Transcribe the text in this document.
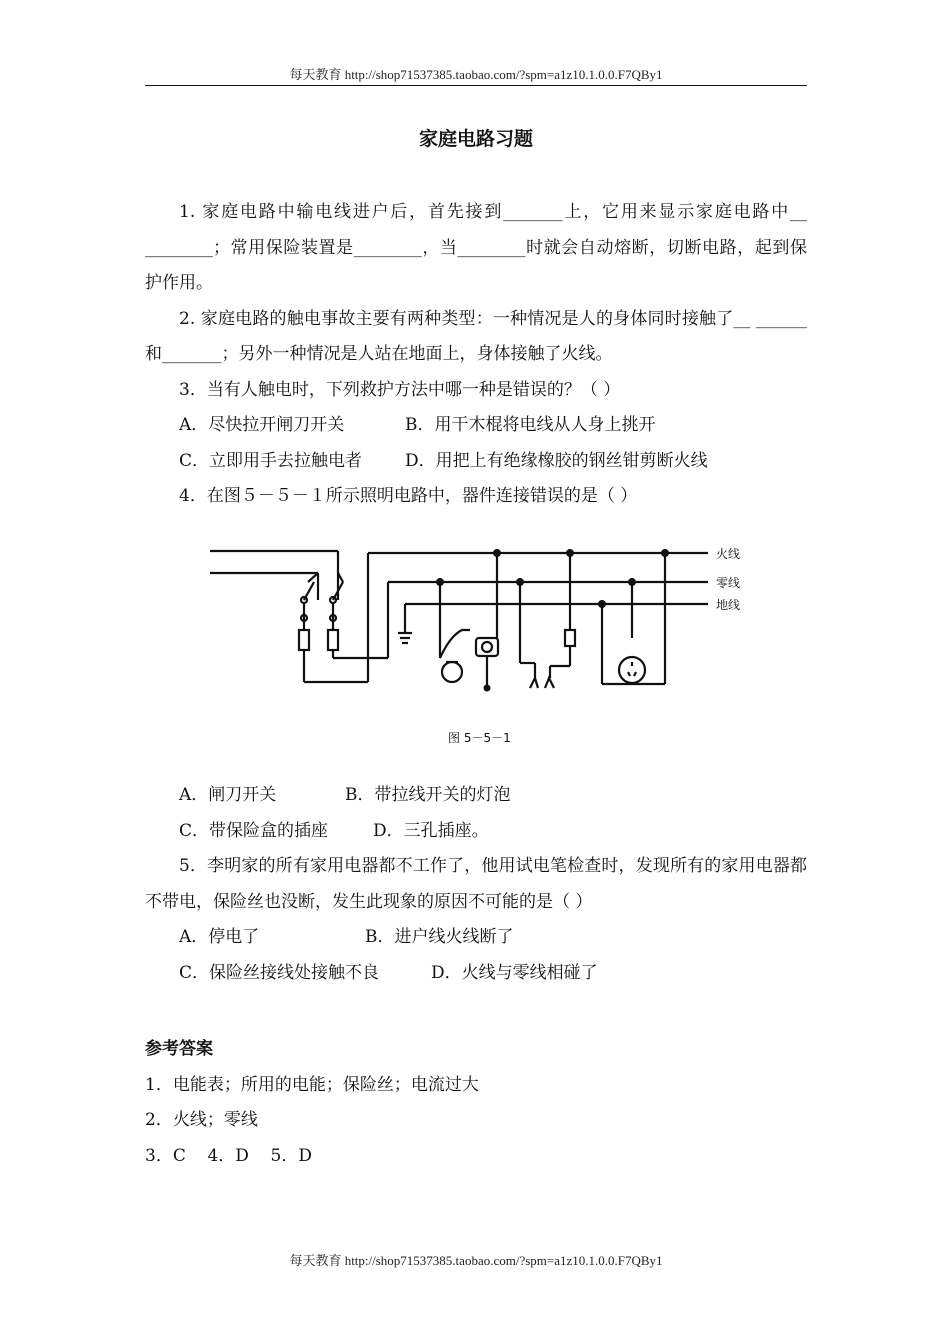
每天教育 http://shop71537385.taobao.com/?spm=a1z10.1.0.0.F7QBy1
家庭电路习题

1. 家庭电路中输电线进户后，首先接到_______上，它用来显示家庭电路中__ ________；常用保险装置是________，当________时就会自动熔断，切断电路，起到保护作用。

2. 家庭电路的触电事故主要有两种类型：一种情况是人的身体同时接触了__ ______和_______；另外一种情况是人站在地面上，身体接触了火线。

3．当有人触电时，下列救护方法中哪一种是错误的？（ ）

A．尽快拉开闸刀开关	B．用干木棍将电线从人身上挑开

C．立即用手去拉触电者	D．用把上有绝缘橡胶的钢丝钳剪断火线

4．在图５－５－１所示照明电路中，器件连接错误的是（ ）

火线
零线
地线
图 5－5－1

A．闸刀开关	B．带拉线开关的灯泡

C．带保险盒的插座	D．三孔插座。

5．李明家的所有家用电器都不工作了，他用试电笔检查时，发现所有的家用电器都不带电，保险丝也没断，发生此现象的原因不可能的是（ ）

A．停电了	B．进户线火线断了

C．保险丝接线处接触不良	D．火线与零线相碰了

参考答案

1．电能表；所用的电能；保险丝；电流过大

2．火线；零线

3．C    4．D    5．D

每天教育 http://shop71537385.taobao.com/?spm=a1z10.1.0.0.F7QBy1
